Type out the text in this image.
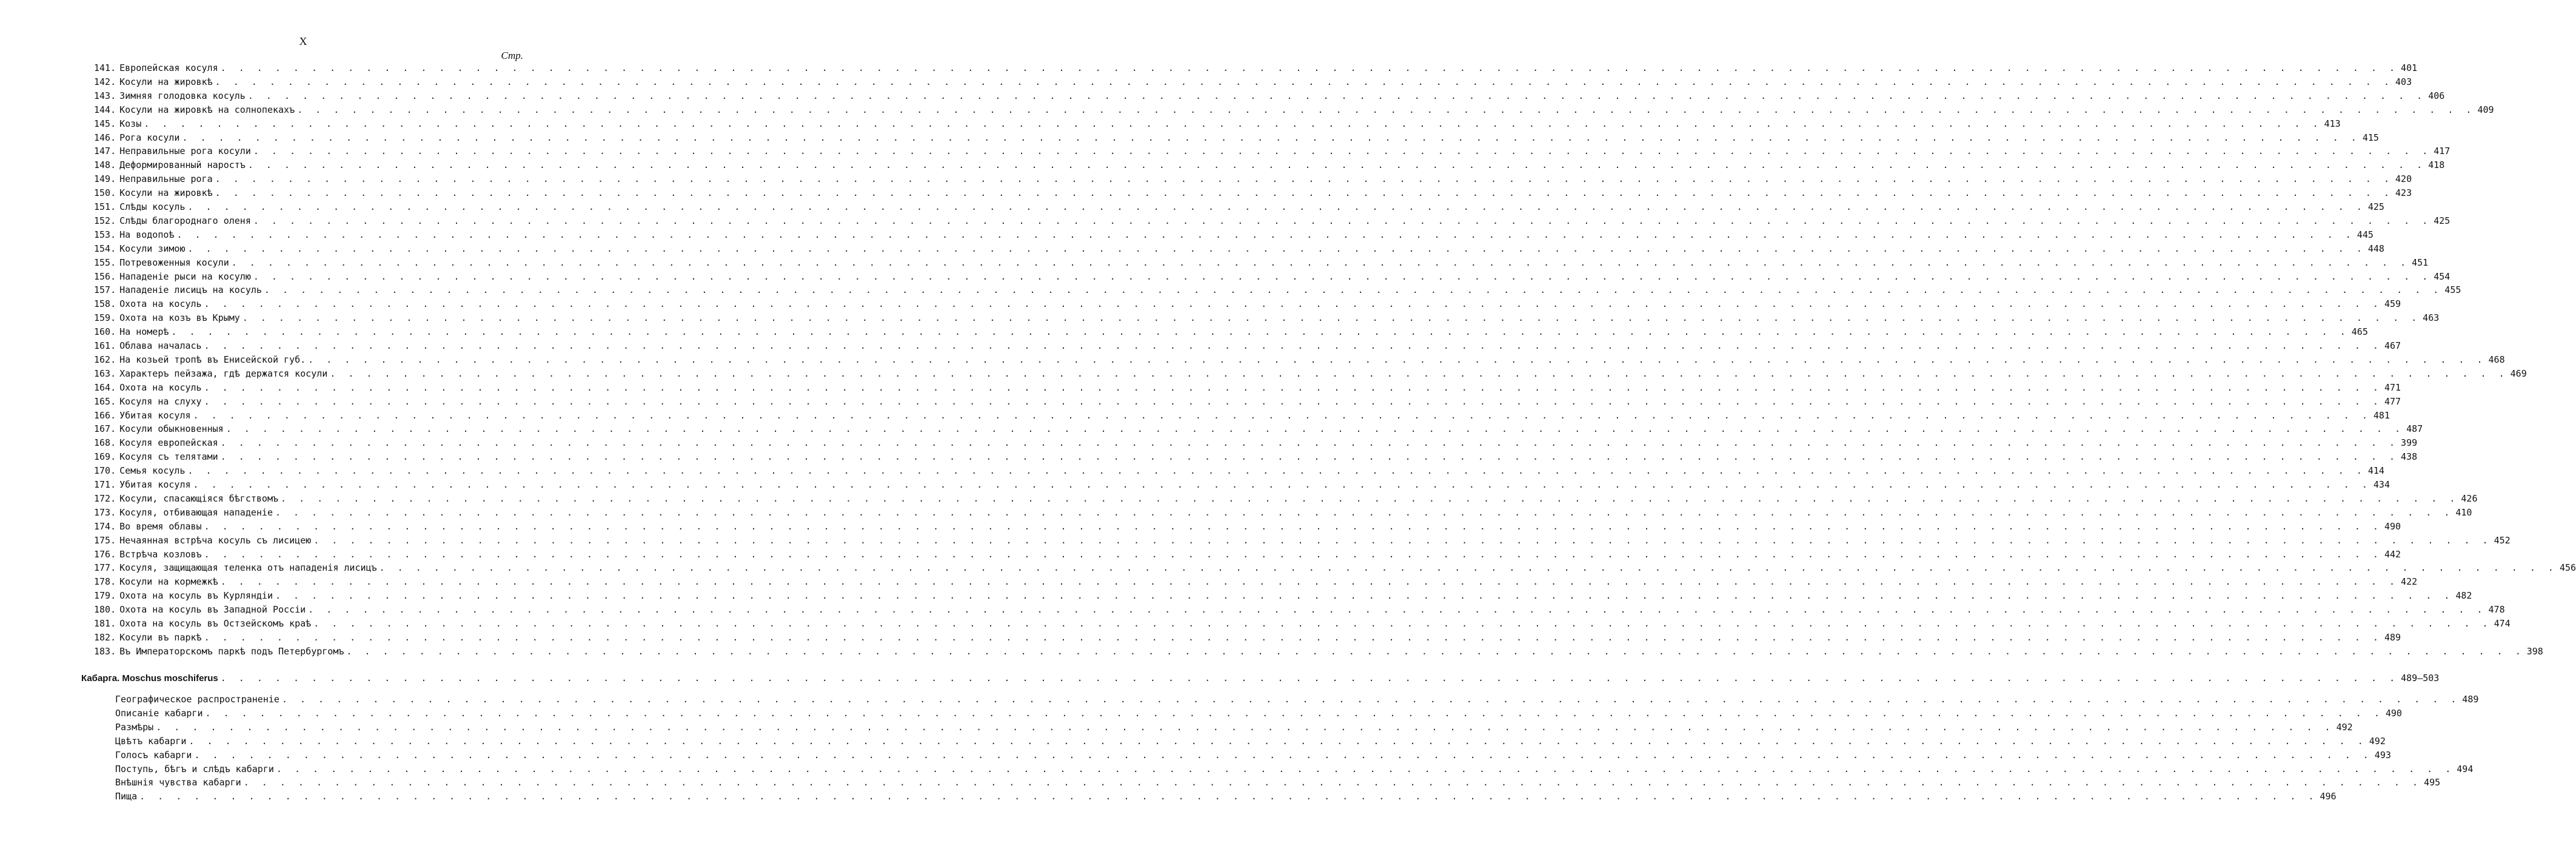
X
Стр.
141. Европейская косуля . . . . . . . . . . . . . . . . . . . . . . . . . . . . . . . . . . . . . . . . . . . . . . . . . . . . . . . . . . . . . . . . . . . . . . . . . . . . . . . . . . . . . . . . . . . . . . . . . . . . . . . . . . . . . . . . . . . . . . . . 401
142. Косули на жировкѣ . . . . . . . . . . . . . . . . . . . . . . . . . . . . . . . . . . . . . . . . . . . . . . . . . . . . . . . . . . . . . . . . . . . . . . . . . . . . . . . . . . . . . . . . . . . . . . . . . . . . . . . . . . . . . . . . . . . . . . . . 403
143. Зимняя голодовка косуль . . . . . . . . . . . . . . . . . . . . . . . . . . . . . . . . . . . . . . . . . . . . . . . . . . . . . . . . . . . . . . . . . . . . . . . . . . . . . . . . . . . . . . . . . . . . . . . . . . . . . . . . . . . . . . . . . . . . . . . . 406
144. Косули на жировкѣ на солнопекахъ . . . . . . . . . . . . . . . . . . . . . . . . . . . . . . . . . . . . . . . . . . . . . . . . . . . . . . . . . . . . . . . . . . . . . . . . . . . . . . . . . . . . . . . . . . . . . . . . . . . . . . . . . . . . . . . . . . . . . . . . 409
145. Козы . . . . . . . . . . . . . . . . . . . . . . . . . . . . . . . . . . . . . . . . . . . . . . . . . . . . . . . . . . . . . . . . . . . . . . . . . . . . . . . . . . . . . . . . . . . . . . . . . . . . . . . . . . . . . . . . . . . . . . . . 413
146. Рога косули . . . . . . . . . . . . . . . . . . . . . . . . . . . . . . . . . . . . . . . . . . . . . . . . . . . . . . . . . . . . . . . . . . . . . . . . . . . . . . . . . . . . . . . . . . . . . . . . . . . . . . . . . . . . . . . . . . . . . . . . 415
147. Неправильные рога косули . . . . . . . . . . . . . . . . . . . . . . . . . . . . . . . . . . . . . . . . . . . . . . . . . . . . . . . . . . . . . . . . . . . . . . . . . . . . . . . . . . . . . . . . . . . . . . . . . . . . . . . . . . . . . . . . . . . . . . . . 417
148. Деформированный наростъ . . . . . . . . . . . . . . . . . . . . . . . . . . . . . . . . . . . . . . . . . . . . . . . . . . . . . . . . . . . . . . . . . . . . . . . . . . . . . . . . . . . . . . . . . . . . . . . . . . . . . . . . . . . . . . . . . . . . . . . . 418
149. Неправильные рога . . . . . . . . . . . . . . . . . . . . . . . . . . . . . . . . . . . . . . . . . . . . . . . . . . . . . . . . . . . . . . . . . . . . . . . . . . . . . . . . . . . . . . . . . . . . . . . . . . . . . . . . . . . . . . . . . . . . . . . . 420
150. Косули на жировкѣ . . . . . . . . . . . . . . . . . . . . . . . . . . . . . . . . . . . . . . . . . . . . . . . . . . . . . . . . . . . . . . . . . . . . . . . . . . . . . . . . . . . . . . . . . . . . . . . . . . . . . . . . . . . . . . . . . . . . . . . . 423
151. Слѣды косуль . . . . . . . . . . . . . . . . . . . . . . . . . . . . . . . . . . . . . . . . . . . . . . . . . . . . . . . . . . . . . . . . . . . . . . . . . . . . . . . . . . . . . . . . . . . . . . . . . . . . . . . . . . . . . . . . . . . . . . . . 425
152. Слѣды благороднаго оленя . . . . . . . . . . . . . . . . . . . . . . . . . . . . . . . . . . . . . . . . . . . . . . . . . . . . . . . . . . . . . . . . . . . . . . . . . . . . . . . . . . . . . . . . . . . . . . . . . . . . . . . . . . . . . . . . . . . . . . . . 425
153. На водопоѣ . . . . . . . . . . . . . . . . . . . . . . . . . . . . . . . . . . . . . . . . . . . . . . . . . . . . . . . . . . . . . . . . . . . . . . . . . . . . . . . . . . . . . . . . . . . . . . . . . . . . . . . . . . . . . . . . . . . . . . . . 445
154. Косули зимою . . . . . . . . . . . . . . . . . . . . . . . . . . . . . . . . . . . . . . . . . . . . . . . . . . . . . . . . . . . . . . . . . . . . . . . . . . . . . . . . . . . . . . . . . . . . . . . . . . . . . . . . . . . . . . . . . . . . . . . . 448
155. Потревоженныя косули . . . . . . . . . . . . . . . . . . . . . . . . . . . . . . . . . . . . . . . . . . . . . . . . . . . . . . . . . . . . . . . . . . . . . . . . . . . . . . . . . . . . . . . . . . . . . . . . . . . . . . . . . . . . . . . . . . . . . . . . 451
156. Нападеніе рыси на косулю . . . . . . . . . . . . . . . . . . . . . . . . . . . . . . . . . . . . . . . . . . . . . . . . . . . . . . . . . . . . . . . . . . . . . . . . . . . . . . . . . . . . . . . . . . . . . . . . . . . . . . . . . . . . . . . . . . . . . . . . 454
157. Нападеніе лисицъ на косуль . . . . . . . . . . . . . . . . . . . . . . . . . . . . . . . . . . . . . . . . . . . . . . . . . . . . . . . . . . . . . . . . . . . . . . . . . . . . . . . . . . . . . . . . . . . . . . . . . . . . . . . . . . . . . . . . . . . . . . . . 455
158. Охота на косуль . . . . . . . . . . . . . . . . . . . . . . . . . . . . . . . . . . . . . . . . . . . . . . . . . . . . . . . . . . . . . . . . . . . . . . . . . . . . . . . . . . . . . . . . . . . . . . . . . . . . . . . . . . . . . . . . . . . . . . . . 459
159. Охота на козъ въ Крыму . . . . . . . . . . . . . . . . . . . . . . . . . . . . . . . . . . . . . . . . . . . . . . . . . . . . . . . . . . . . . . . . . . . . . . . . . . . . . . . . . . . . . . . . . . . . . . . . . . . . . . . . . . . . . . . . . . . . . . . . 463
160. На номерѣ . . . . . . . . . . . . . . . . . . . . . . . . . . . . . . . . . . . . . . . . . . . . . . . . . . . . . . . . . . . . . . . . . . . . . . . . . . . . . . . . . . . . . . . . . . . . . . . . . . . . . . . . . . . . . . . . . . . . . . . . 465
161. Облава началась . . . . . . . . . . . . . . . . . . . . . . . . . . . . . . . . . . . . . . . . . . . . . . . . . . . . . . . . . . . . . . . . . . . . . . . . . . . . . . . . . . . . . . . . . . . . . . . . . . . . . . . . . . . . . . . . . . . . . . . . 467
162. На козьей тропѣ въ Енисейской губ. . . . . . . . . . . . . . . . . . . . . . . . . . . . . . . . . . . . . . . . . . . . . . . . . . . . . . . . . . . . . . . . . . . . . . . . . . . . . . . . . . . . . . . . . . . . . . . . . . . . . . . . . . . . . . . . . . . . . . . . . 468
163. Характеръ пейзажа, гдѣ держатся косули . . . . . . . . . . . . . . . . . . . . . . . . . . . . . . . . . . . . . . . . . . . . . . . . . . . . . . . . . . . . . . . . . . . . . . . . . . . . . . . . . . . . . . . . . . . . . . . . . . . . . . . . . . . . . . . . . . . . . . . . 469
164. Охота на косуль . . . . . . . . . . . . . . . . . . . . . . . . . . . . . . . . . . . . . . . . . . . . . . . . . . . . . . . . . . . . . . . . . . . . . . . . . . . . . . . . . . . . . . . . . . . . . . . . . . . . . . . . . . . . . . . . . . . . . . . . 471
165. Косуля на слуху . . . . . . . . . . . . . . . . . . . . . . . . . . . . . . . . . . . . . . . . . . . . . . . . . . . . . . . . . . . . . . . . . . . . . . . . . . . . . . . . . . . . . . . . . . . . . . . . . . . . . . . . . . . . . . . . . . . . . . . . 477
166. Убитая косуля . . . . . . . . . . . . . . . . . . . . . . . . . . . . . . . . . . . . . . . . . . . . . . . . . . . . . . . . . . . . . . . . . . . . . . . . . . . . . . . . . . . . . . . . . . . . . . . . . . . . . . . . . . . . . . . . . . . . . . . . 481
167. Косули обыкновенныя . . . . . . . . . . . . . . . . . . . . . . . . . . . . . . . . . . . . . . . . . . . . . . . . . . . . . . . . . . . . . . . . . . . . . . . . . . . . . . . . . . . . . . . . . . . . . . . . . . . . . . . . . . . . . . . . . . . . . . . . 487
168. Косуля европейская . . . . . . . . . . . . . . . . . . . . . . . . . . . . . . . . . . . . . . . . . . . . . . . . . . . . . . . . . . . . . . . . . . . . . . . . . . . . . . . . . . . . . . . . . . . . . . . . . . . . . . . . . . . . . . . . . . . . . . . . 399
169. Косуля съ телятами . . . . . . . . . . . . . . . . . . . . . . . . . . . . . . . . . . . . . . . . . . . . . . . . . . . . . . . . . . . . . . . . . . . . . . . . . . . . . . . . . . . . . . . . . . . . . . . . . . . . . . . . . . . . . . . . . . . . . . . . 438
170. Семья косуль . . . . . . . . . . . . . . . . . . . . . . . . . . . . . . . . . . . . . . . . . . . . . . . . . . . . . . . . . . . . . . . . . . . . . . . . . . . . . . . . . . . . . . . . . . . . . . . . . . . . . . . . . . . . . . . . . . . . . . . . 414
171. Убитая косуля . . . . . . . . . . . . . . . . . . . . . . . . . . . . . . . . . . . . . . . . . . . . . . . . . . . . . . . . . . . . . . . . . . . . . . . . . . . . . . . . . . . . . . . . . . . . . . . . . . . . . . . . . . . . . . . . . . . . . . . . 434
172. Косули, спасающіяся бѣгствомъ . . . . . . . . . . . . . . . . . . . . . . . . . . . . . . . . . . . . . . . . . . . . . . . . . . . . . . . . . . . . . . . . . . . . . . . . . . . . . . . . . . . . . . . . . . . . . . . . . . . . . . . . . . . . . . . . . . . . . . . . 426
173. Косуля, отбивающая нападеніе . . . . . . . . . . . . . . . . . . . . . . . . . . . . . . . . . . . . . . . . . . . . . . . . . . . . . . . . . . . . . . . . . . . . . . . . . . . . . . . . . . . . . . . . . . . . . . . . . . . . . . . . . . . . . . . . . . . . . . . . 410
174. Во время облавы . . . . . . . . . . . . . . . . . . . . . . . . . . . . . . . . . . . . . . . . . . . . . . . . . . . . . . . . . . . . . . . . . . . . . . . . . . . . . . . . . . . . . . . . . . . . . . . . . . . . . . . . . . . . . . . . . . . . . . . . 490
175. Нечаянная встрѣча косуль съ лисицею . . . . . . . . . . . . . . . . . . . . . . . . . . . . . . . . . . . . . . . . . . . . . . . . . . . . . . . . . . . . . . . . . . . . . . . . . . . . . . . . . . . . . . . . . . . . . . . . . . . . . . . . . . . . . . . . . . . . . . . . 452
176. Встрѣча козловъ . . . . . . . . . . . . . . . . . . . . . . . . . . . . . . . . . . . . . . . . . . . . . . . . . . . . . . . . . . . . . . . . . . . . . . . . . . . . . . . . . . . . . . . . . . . . . . . . . . . . . . . . . . . . . . . . . . . . . . . . 442
177. Косуля, защищающая теленка отъ нападенія лисицъ . . . . . . . . . . . . . . . . . . . . . . . . . . . . . . . . . . . . . . . . . . . . . . . . . . . . . . . . . . . . . . . . . . . . . . . . . . . . . . . . . . . . . . . . . . . . . . . . . . . . . . . . . . . . . . . . . . . . . . . . 456
178. Косули на кормежкѣ . . . . . . . . . . . . . . . . . . . . . . . . . . . . . . . . . . . . . . . . . . . . . . . . . . . . . . . . . . . . . . . . . . . . . . . . . . . . . . . . . . . . . . . . . . . . . . . . . . . . . . . . . . . . . . . . . . . . . . . . 422
179. Охота на косуль въ Курляндіи . . . . . . . . . . . . . . . . . . . . . . . . . . . . . . . . . . . . . . . . . . . . . . . . . . . . . . . . . . . . . . . . . . . . . . . . . . . . . . . . . . . . . . . . . . . . . . . . . . . . . . . . . . . . . . . . . . . . . . . . 482
180. Охота на косуль въ Западной Россіи . . . . . . . . . . . . . . . . . . . . . . . . . . . . . . . . . . . . . . . . . . . . . . . . . . . . . . . . . . . . . . . . . . . . . . . . . . . . . . . . . . . . . . . . . . . . . . . . . . . . . . . . . . . . . . . . . . . . . . . . 478
181. Охота на косуль въ Остзейскомъ краѣ . . . . . . . . . . . . . . . . . . . . . . . . . . . . . . . . . . . . . . . . . . . . . . . . . . . . . . . . . . . . . . . . . . . . . . . . . . . . . . . . . . . . . . . . . . . . . . . . . . . . . . . . . . . . . . . . . . . . . . . . 474
182. Косули въ паркѣ . . . . . . . . . . . . . . . . . . . . . . . . . . . . . . . . . . . . . . . . . . . . . . . . . . . . . . . . . . . . . . . . . . . . . . . . . . . . . . . . . . . . . . . . . . . . . . . . . . . . . . . . . . . . . . . . . . . . . . . . 489
183. Въ Императорскомъ паркѣ подъ Петербургомъ . . . . . . . . . . . . . . . . . . . . . . . . . . . . . . . . . . . . . . . . . . . . . . . . . . . . . . . . . . . . . . . . . . . . . . . . . . . . . . . . . . . . . . . . . . . . . . . . . . . . . . . . . . . . . . . . . . . . . . . . 398
Кабарга. Moschus moschiferus . . . . . . . . . . . . . . . . . . . . . . . . . . . . . . . . . . . . . . . . . . . . . . . . . . . . . . . . . . . . . . . . . . . . . . . . . . . . . . . . . . . . . . . . . . . . . . . . . . . . . . . . . . . . . . . . . . . . . . . . 489—503
Географическое распространеніе . . . . . . . . . . . . . . . . . . . . . . . . . . . . . . . . . . . . . . . . . . . . . . . . . . . . . . . . . . . . . . . . . . . . . . . . . . . . . . . . . . . . . . . . . . . . . . . . . . . . . . . . . . . . . . . . . . . . . . . . 489
Описаніе кабарги . . . . . . . . . . . . . . . . . . . . . . . . . . . . . . . . . . . . . . . . . . . . . . . . . . . . . . . . . . . . . . . . . . . . . . . . . . . . . . . . . . . . . . . . . . . . . . . . . . . . . . . . . . . . . . . . . . . . . . . . 490
Размѣры . . . . . . . . . . . . . . . . . . . . . . . . . . . . . . . . . . . . . . . . . . . . . . . . . . . . . . . . . . . . . . . . . . . . . . . . . . . . . . . . . . . . . . . . . . . . . . . . . . . . . . . . . . . . . . . . . . . . . . . . 492
Цвѣтъ кабарги . . . . . . . . . . . . . . . . . . . . . . . . . . . . . . . . . . . . . . . . . . . . . . . . . . . . . . . . . . . . . . . . . . . . . . . . . . . . . . . . . . . . . . . . . . . . . . . . . . . . . . . . . . . . . . . . . . . . . . . . 492
Голосъ кабарги . . . . . . . . . . . . . . . . . . . . . . . . . . . . . . . . . . . . . . . . . . . . . . . . . . . . . . . . . . . . . . . . . . . . . . . . . . . . . . . . . . . . . . . . . . . . . . . . . . . . . . . . . . . . . . . . . . . . . . . . 493
Поступь, бѣгъ и слѣдъ кабарги . . . . . . . . . . . . . . . . . . . . . . . . . . . . . . . . . . . . . . . . . . . . . . . . . . . . . . . . . . . . . . . . . . . . . . . . . . . . . . . . . . . . . . . . . . . . . . . . . . . . . . . . . . . . . . . . . . . . . . . . 494
Внѣшнія чувства кабарги . . . . . . . . . . . . . . . . . . . . . . . . . . . . . . . . . . . . . . . . . . . . . . . . . . . . . . . . . . . . . . . . . . . . . . . . . . . . . . . . . . . . . . . . . . . . . . . . . . . . . . . . . . . . . . . . . . . . . . . . 495
Пища . . . . . . . . . . . . . . . . . . . . . . . . . . . . . . . . . . . . . . . . . . . . . . . . . . . . . . . . . . . . . . . . . . . . . . . . . . . . . . . . . . . . . . . . . . . . . . . . . . . . . . . . . . . . . . . . . . . . . . . . 496
